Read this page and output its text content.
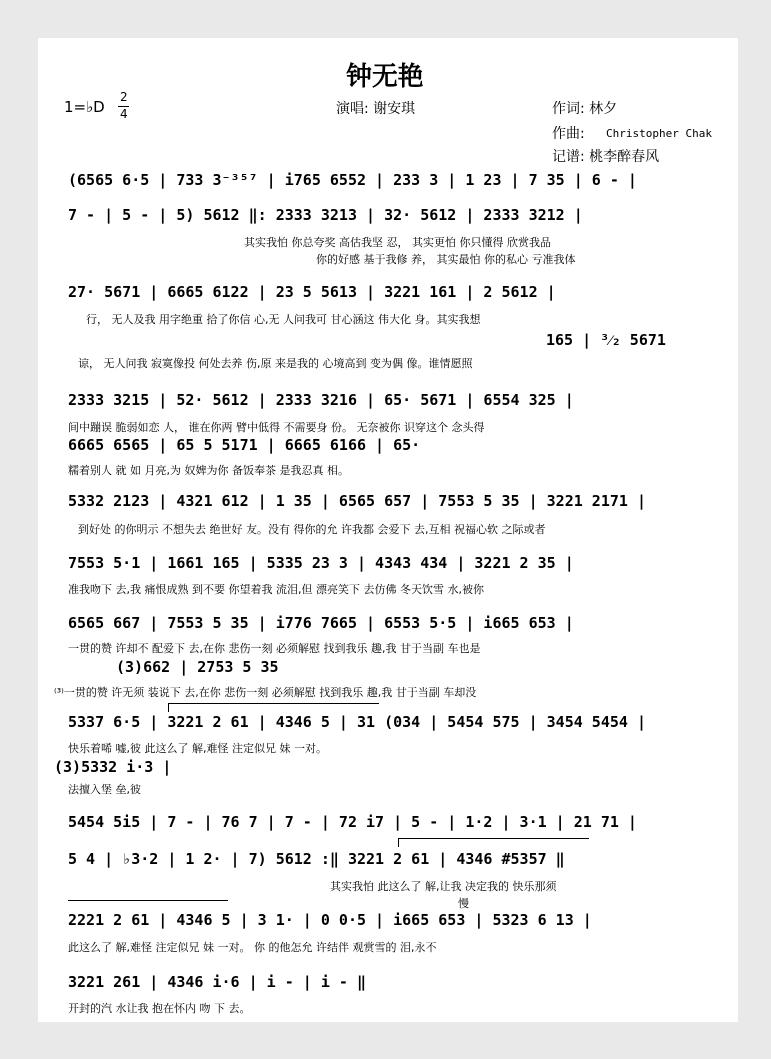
钟无艳
1=♭D
2
4	演唱: 谢安琪	作词: 林夕
作曲: Christopher Chak
记谱: 桃李醉春风
(6565 6·5 | 733 3⁻³⁵⁷ | i765 6552 | 233 3 | 1 23 | 7 35 | 6 - |
7 - | 5 - | 5) 5612 ‖: 2333 3213 | 32· 5612 | 2333 3212 |
其实我怕 你总夸奖 高估我坚 忍， 其实更怕 你只懂得 欣赏我品
你的好感 基于我修 养， 其实最怕 你的私心 亏准我体
27· 5671 | 6665 6122 | 23 5 5613 | 3221 161 | 2 5612 |
行， 无人及我 用字绝重 拾了你信 心,无 人问我可 甘心涵这 伟大化 身。其实我想
165 | ³⁄₂ 5671
谅， 无人问我 寂寞像投 何处去养 伤,原 来是我的 心境高到 变为偶 像。谁情愿照
2333 3215 | 52· 5612 | 2333 3216 | 65· 5671 | 6554 325 |
间中蹦误 脆弱如恋 人， 谁在你两 臂中低得 不需要身 份。 无奈被你 识穿这个 念头得
6665 6565 | 65 5 5171 | 6665 6166 | 65·
糯着别人 就 如 月亮,为 奴婢为你 备饭奉茶 是我忍真 相。
5332 2123 | 4321 612 | 1 35 | 6565 657 | 7553 5 35 | 3221 2171 |
到好处 的你明示 不想失去 绝世好 友。没有 得你的允 许我都 会爱下 去,互相 祝福心软 之际或者
7553 5·1 | 1661 165 | 5335 23 3 | 4343 434 | 3221 2 35 |
准我吻下 去,我 痛恨成熟 到不要 你望着我 流泪,但 漂亮笑下 去仿佛 冬天饮雪 水,被你
6565 667 | 7553 5 35 | i776 7665 | 6553 5·5 | i665 653 |
一贯的赞 许却不 配爱下 去,在你 悲伤一刻 必须解慰 找到我乐 趣,我 甘于当副 车也是
(3)662 | 2753 5 35
⁽³⁾一贯的赞 许无须 装说下 去,在你 悲伤一刻 必须解慰 找到我乐 趣,我 甘于当副 车却没
5337 6·5 | 3221 2 61 | 4346 5 | 31 (034 | 5454 575 | 3454 5454 |
快乐着唏 嘘,彼 此这么了 解,难怪 注定似兄 妹 一对。
(3)5332 i·3 |
法擅入堡 垒,彼
5454 5i5 | 7 - | 76 7 | 7 - | 72 i7 | 5 - | 1·2 | 3·1 | 21 71 |
5 4 | ♭3·2 | 1 2· | 7) 5612 :‖ 3221 2 61 | 4346 #5357 ‖
其实我怕 此这么了 解,让我 决定我的 快乐那须
慢
2221 2 61 | 4346 5 | 3 1· | 0 0·5 | i665 653 | 5323 6 13 |
此这么了 解,难怪 注定似兄 妹 一对。 你 的他怎允 许结伴 观赏雪的 泪,永不
3221 261 | 4346 i·6 | i - | i - ‖
开封的汽 水让我 抱在怀内 吻 下 去。
